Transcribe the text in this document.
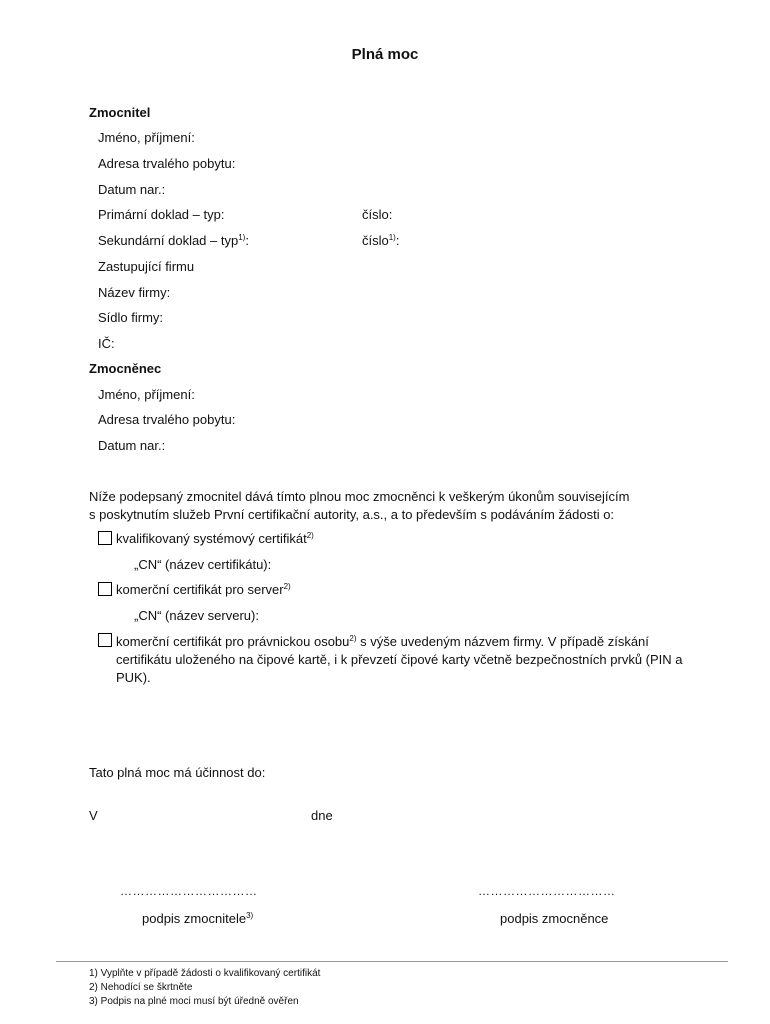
Plná moc
Zmocnitel
Jméno, příjmení:
Adresa trvalého pobytu:
Datum nar.:
Primární doklad – typ:	číslo:
Sekundární doklad – typ$^{1)}$:	číslo$^{1)}$:
Zastupující firmu
Název firmy:
Sídlo firmy:
IČ:
Zmocněnec
Jméno, příjmení:
Adresa trvalého pobytu:
Datum nar.:
Níže podepsaný zmocnitel dává tímto plnou moc zmocněnci k veškerým úkonům souvisejícím
s poskytnutím služeb První certifikační autority, a.s., a to především s podáváním žádosti o:
kvalifikovaný systémový certifikát$^{2)}$
„CN“ (název certifikátu):
komerční certifikát pro server$^{2)}$
„CN“ (název serveru):
komerční certifikát pro právnickou osobu$^{2)}$ s výše uvedeným názvem firmy. V případě získání
certifikátu uloženého na čipové kartě, i k převzetí čipové karty včetně bezpečnostních prvků (PIN a
PUK).
Tato plná moc má účinnost do:
V	dne
……………………………	……………………………
podpis zmocnitele$^{3)}$	podpis zmocněnce
1) Vyplňte v případě žádosti o kvalifikovaný certifikát
2) Nehodící se škrtněte
3) Podpis na plné moci musí být úředně ověřen
